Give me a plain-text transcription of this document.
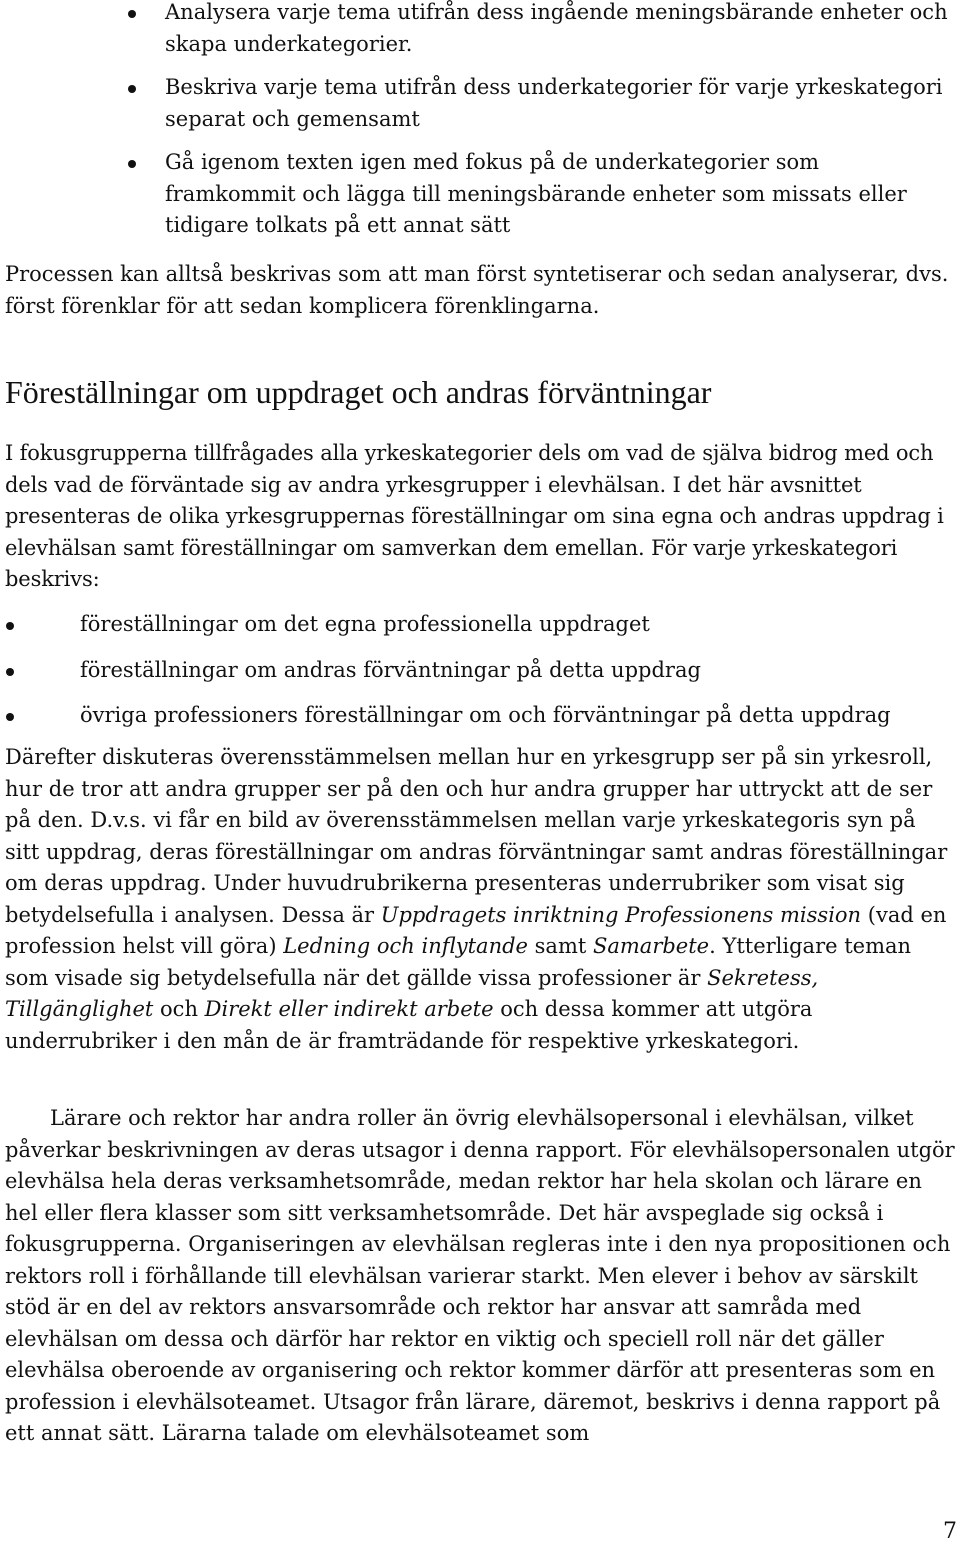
Analysera varje tema utifrån dess ingående meningsbärande enheter och skapa underkategorier.
Beskriva varje tema utifrån dess underkategorier för varje yrkeskategori separat och gemensamt
Gå igenom texten igen med fokus på de underkategorier som framkommit och lägga till meningsbärande enheter som missats eller tidigare tolkats på ett annat sätt

Processen kan alltså beskrivas som att man först syntetiserar och sedan analyserar, dvs. först förenklar för att sedan komplicera förenklingarna.

Föreställningar om uppdraget och andras förväntningar

I fokusgrupperna tillfrågades alla yrkeskategorier dels om vad de själva bidrog med och dels vad de förväntade sig av andra yrkesgrupper i elevhälsan. I det här avsnittet presenteras de olika yrkesgruppernas föreställningar om sina egna och andras uppdrag i elevhälsan samt föreställningar om samverkan dem emellan. För varje yrkeskategori beskrivs:

föreställningar om det egna professionella uppdraget
föreställningar om andras förväntningar på detta uppdrag
övriga professioners föreställningar om och förväntningar på detta uppdrag

Därefter diskuteras överensstämmelsen mellan hur en yrkesgrupp ser på sin yrkesroll, hur de tror att andra grupper ser på den och hur andra grupper har uttryckt att de ser på den. D.v.s. vi får en bild av överensstämmelsen mellan varje yrkeskategoris syn på sitt uppdrag, deras föreställningar om andras förväntningar samt andras föreställningar om deras uppdrag. Under huvudrubrikerna presenteras underrubriker som visat sig betydelsefulla i analysen. Dessa är Uppdragets inriktning Professionens mission (vad en profession helst vill göra) Ledning och inflytande samt Samarbete. Ytterligare teman som visade sig betydelsefulla när det gällde vissa professioner är Sekretess, Tillgänglighet och Direkt eller indirekt arbete och dessa kommer att utgöra underrubriker i den mån de är framträdande för respektive yrkeskategori.

Lärare och rektor har andra roller än övrig elevhälsopersonal i elevhälsan, vilket påverkar beskrivningen av deras utsagor i denna rapport. För elevhälsopersonalen utgör elevhälsa hela deras verksamhetsområde, medan rektor har hela skolan och lärare en hel eller flera klasser som sitt verksamhetsområde. Det här avspeglade sig också i fokusgrupperna. Organiseringen av elevhälsan regleras inte i den nya propositionen och rektors roll i förhållande till elevhälsan varierar starkt. Men elever i behov av särskilt stöd är en del av rektors ansvarsområde och rektor har ansvar att samråda med elevhälsan om dessa och därför har rektor en viktig och speciell roll när det gäller elevhälsa oberoende av organisering och rektor kommer därför att presenteras som en profession i elevhälsoteamet. Utsagor från lärare, däremot, beskrivs i denna rapport på ett annat sätt. Lärarna talade om elevhälsoteamet som

7
